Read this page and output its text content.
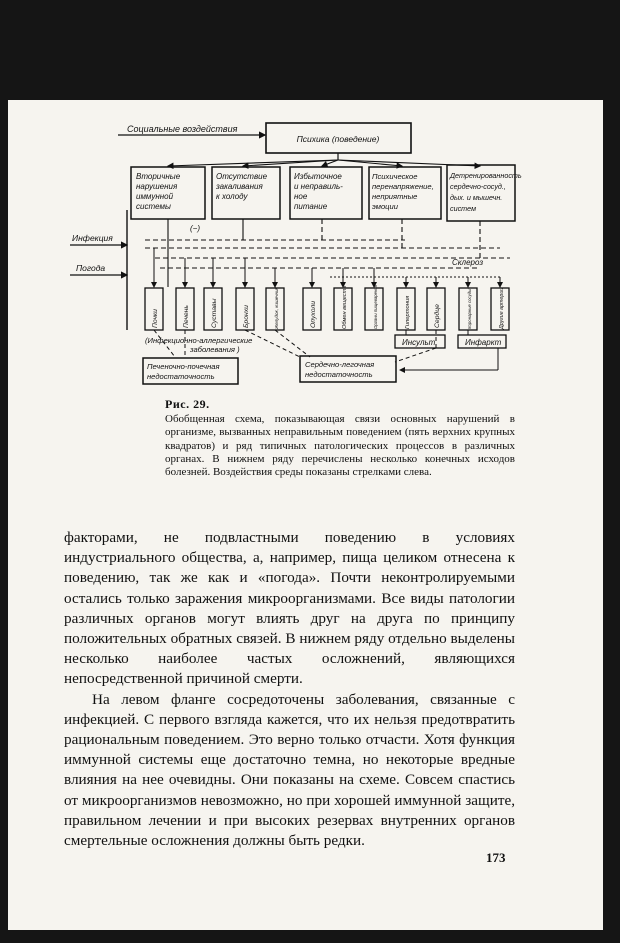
Социальные воздействия
Психика (поведение)
Вторичные
нарушения
иммунной
системы
Отсутствие
закаливания
к холоду
Избыточное
и неправиль-
ное
питание
Психическое
перенапряжение,
неприятные
эмоции
Детренированность
сердечно-сосуд.,
дых. и мышечн.
систем
Инфекция
Погода
(−)
Склероз
Почки	Печень	Суставы	Бронхи	Желудок, кишечник	Опухоли	Обмен веществ	Органы пищеварения	Гипертония	Сердце	Коронарные сосуды	Другие артерии
(Инфекционно-аллергические
заболевания )
Инсульт	Инфаркт
Печеночно-почечная
недостаточность
Сердечно-легочная
недостаточность
Рис. 29.
Обобщенная схема, показывающая связи основных нарушений в организме, вызванных неправильным поведением (пять верхних крупных квадратов) и ряд типичных патологических процессов в различных органах. В нижнем ряду перечислены несколько конечных исходов болезней. Воздействия среды показаны стрелками слева.

факторами, не подвластными поведению в условиях индустриального общества, а, например, пища целиком отнесена к поведению, так же как и «погода». Почти неконтролируемыми остались только заражения микроорганизмами. Все виды патологии различных органов могут влиять друг на друга по принципу положительных обратных связей. В нижнем ряду отдельно выделены несколько наиболее частых осложнений, являющихся непосредственной причиной смерти.

На левом фланге сосредоточены заболевания, связанные с инфекцией. С первого взгляда кажется, что их нельзя предотвратить рациональным поведением. Это верно только отчасти. Хотя функция иммунной системы еще достаточно темна, но некоторые вредные влияния на нее очевидны. Они показаны на схеме. Совсем спастись от микроорганизмов невозможно, но при хорошей иммунной защите, правильном лечении и при высоких резервах внутренних органов смертельные осложнения должны быть редки.

173
